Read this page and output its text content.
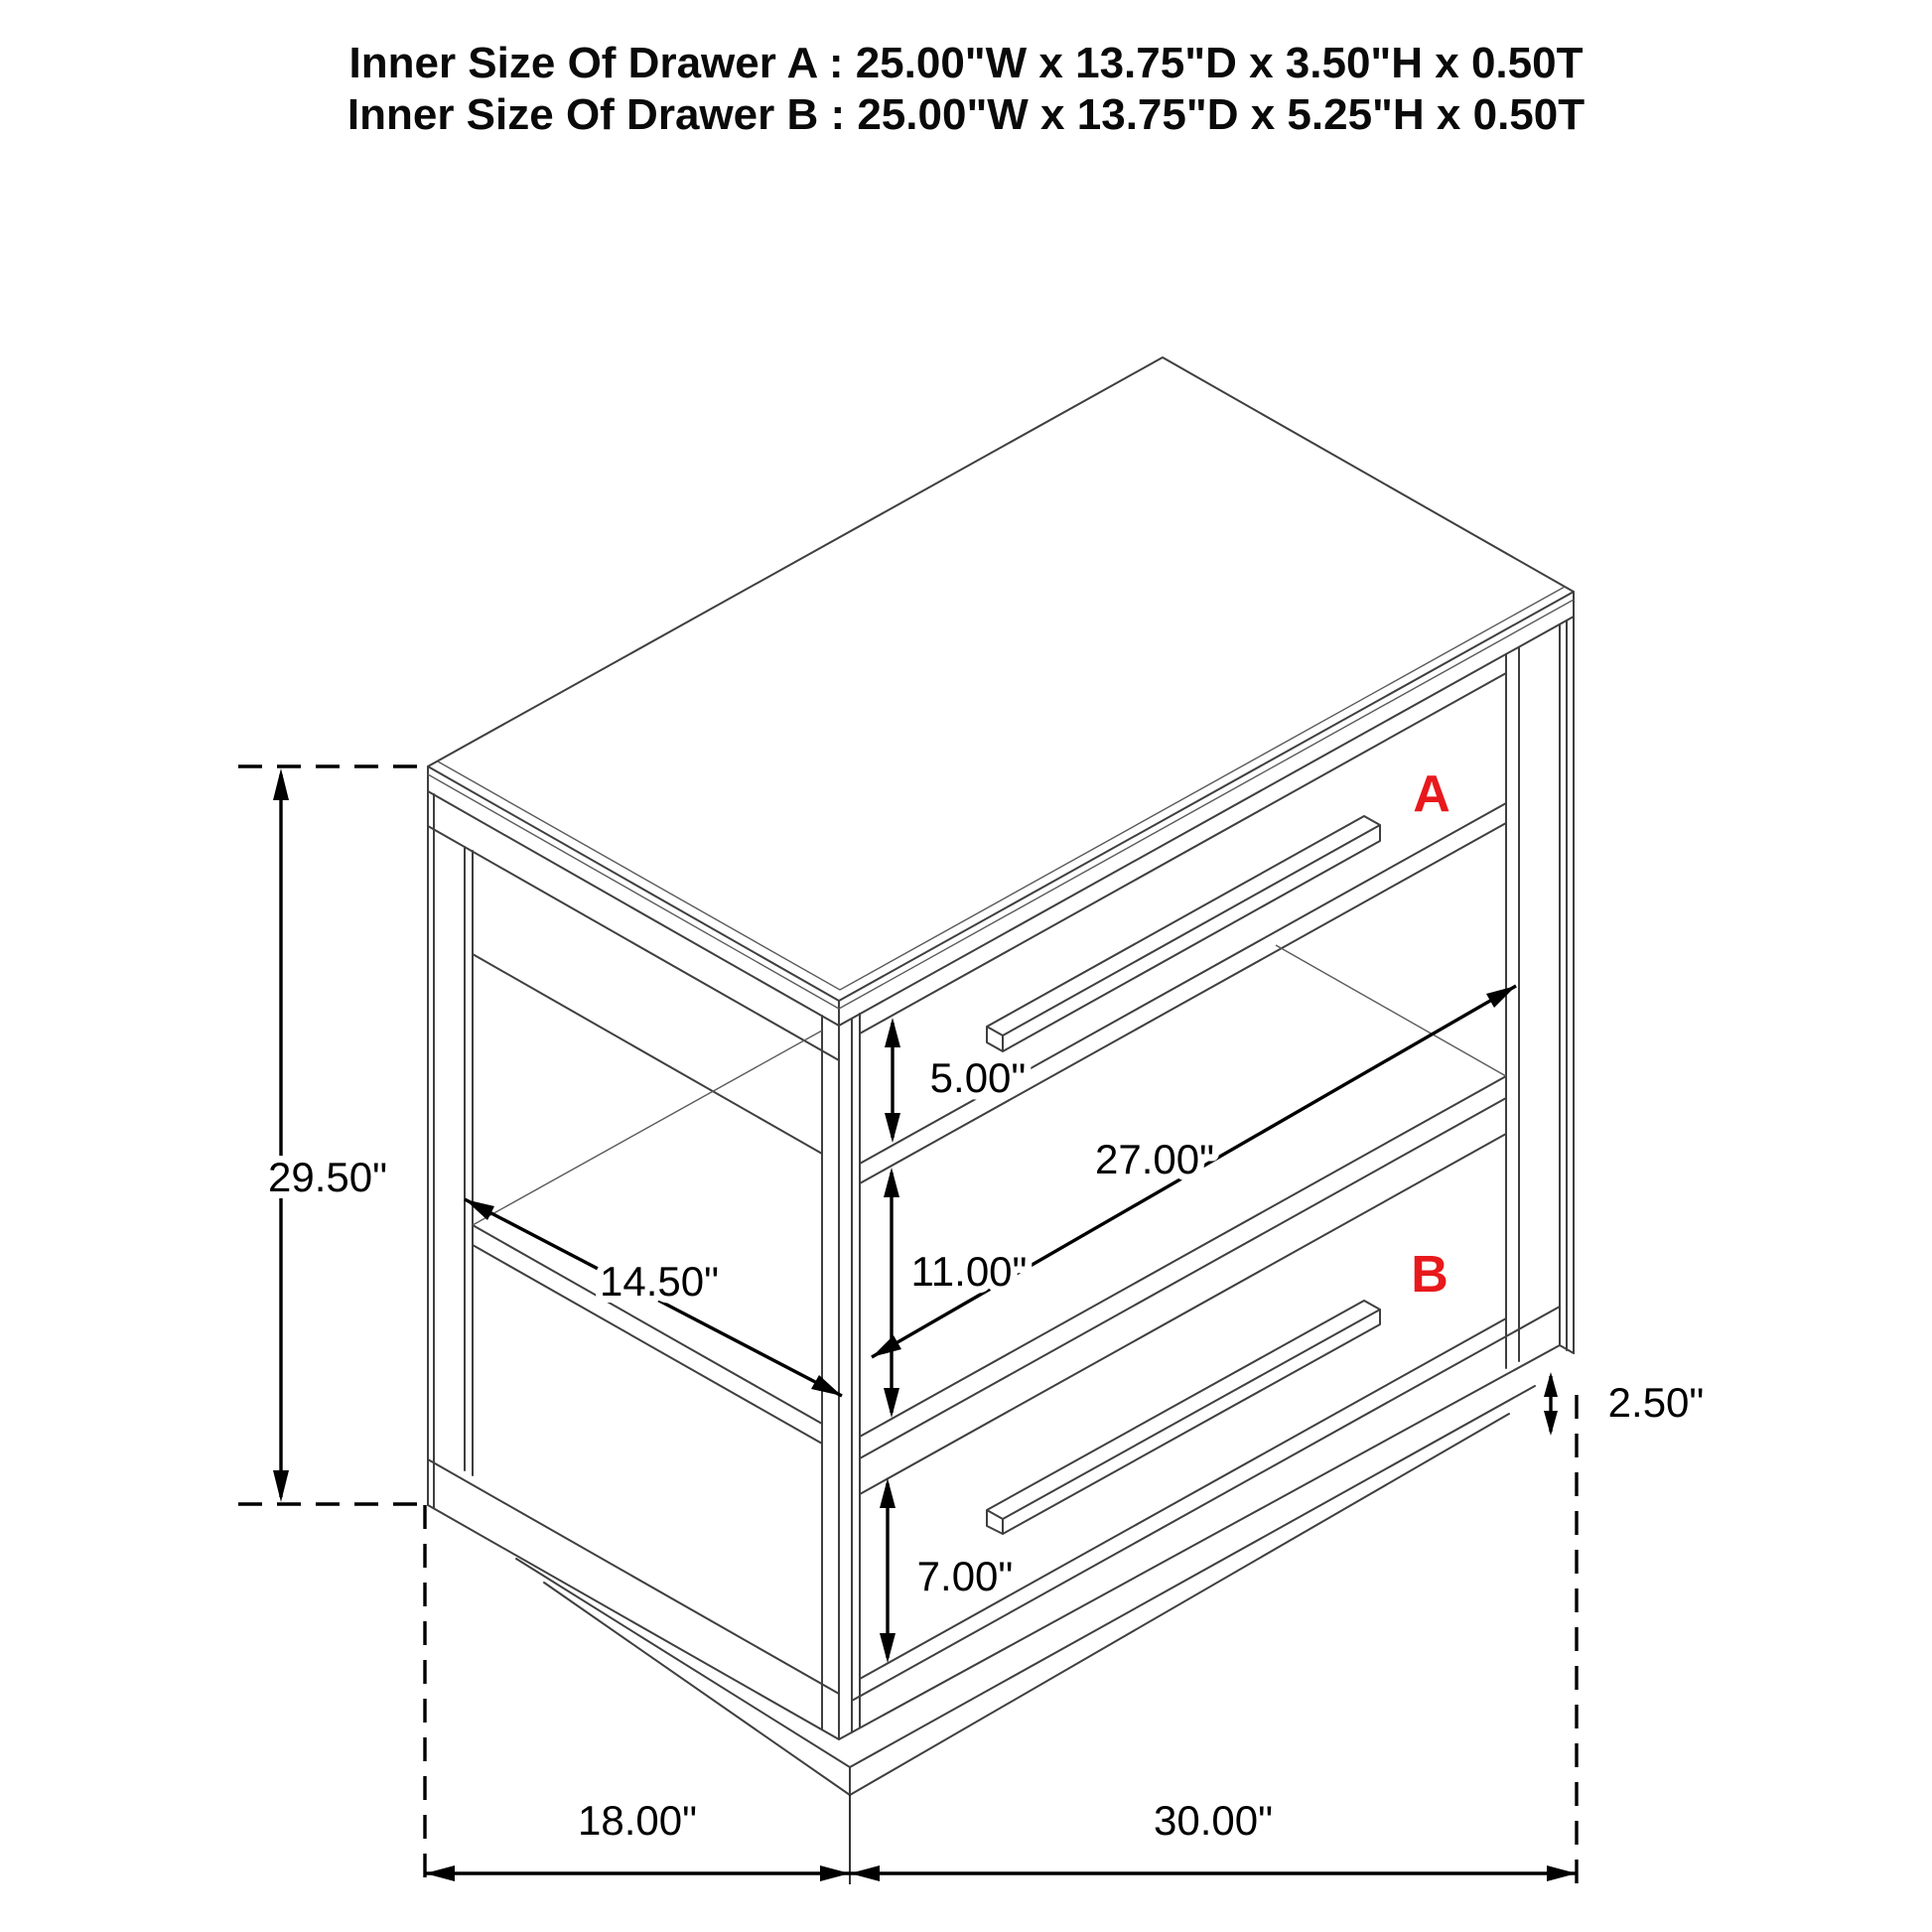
Inner Size Of Drawer A : 25.00"W x 13.75"D x 3.50"H x 0.50T
Inner Size Of Drawer B : 25.00"W x 13.75"D x 5.25"H x 0.50T
A
B
29.50"
14.50"
5.00"
27.00"
11.00"
7.00"
2.50"
18.00"	30.00"
